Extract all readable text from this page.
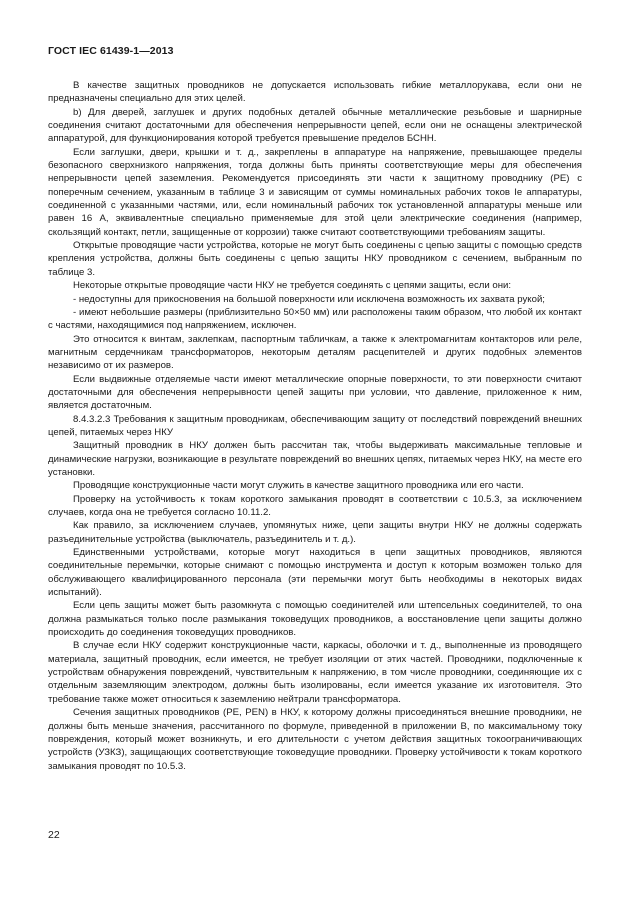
ГОСТ IEC 61439-1—2013

В качестве защитных проводников не допускается использовать гибкие металлорукава, если они не предназначены специально для этих целей.

b) Для дверей, заглушек и других подобных деталей обычные металлические резьбовые и шарнирные соединения считают достаточными для обеспечения непрерывности цепей, если они не оснащены электрической аппаратурой, для функционирования которой требуется превышение пределов БСНН.

Если заглушки, двери, крышки и т. д., закреплены в аппаратуре на напряжение, превышающее пределы безопасного сверхнизкого напряжения, тогда должны быть приняты соответствующие меры для обеспечения непрерывности цепей заземления. Рекомендуется присоединять эти части к защитному проводнику (PE) с поперечным сечением, указанным в таблице 3 и зависящим от суммы номинальных рабочих токов Ie аппаратуры, соединенной с указанными частями, или, если номинальный рабочих ток установленной аппаратуры меньше или равен 16 А, эквивалентные специально применяемые для этой цели электрические соединения (например, скользящий контакт, петли, защищенные от коррозии) также считают соответствующими требованиям защиты.

Открытые проводящие части устройства, которые не могут быть соединены с цепью защиты с помощью средств крепления устройства, должны быть соединены с цепью защиты НКУ проводником с сечением, выбранным по таблице 3.

Некоторые открытые проводящие части НКУ не требуется соединять с цепями защиты, если они:

- недоступны для прикосновения на большой поверхности или исключена возможность их захвата рукой;

- имеют небольшие размеры (приблизительно 50×50 мм) или расположены таким образом, что любой их контакт с частями, находящимися под напряжением, исключен.

Это относится к винтам, заклепкам, паспортным табличкам, а также к электромагнитам контакторов или реле, магнитным сердечникам трансформаторов, некоторым деталям расцепителей и других подобных элементов независимо от их размеров.

Если выдвижные отделяемые части имеют металлические опорные поверхности, то эти поверхности считают достаточными для обеспечения непрерывности цепей защиты при условии, что давление, приложенное к ним, является достаточным.

8.4.3.2.3 Требования к защитным проводникам, обеспечивающим защиту от последствий повреждений внешних цепей, питаемых через НКУ

Защитный проводник в НКУ должен быть рассчитан так, чтобы выдерживать максимальные тепловые и динамические нагрузки, возникающие в результате повреждений во внешних цепях, питаемых через НКУ, на месте его установки.

Проводящие конструкционные части могут служить в качестве защитного проводника или его части.

Проверку на устойчивость к токам короткого замыкания проводят в соответствии с 10.5.3, за исключением случаев, когда она не требуется согласно 10.11.2.

Как правило, за исключением случаев, упомянутых ниже, цепи защиты внутри НКУ не должны содержать разъединительные устройства (выключатель, разъединитель и т. д.).

Единственными устройствами, которые могут находиться в цепи защитных проводников, являются соединительные перемычки, которые снимают с помощью инструмента и доступ к которым возможен только для обслуживающего квалифицированного персонала (эти перемычки могут быть необходимы в некоторых видах испытаний).

Если цепь защиты может быть разомкнута с помощью соединителей или штепсельных соединителей, то она должна размыкаться только после размыкания токоведущих проводников, а восстановление цепи защиты должно происходить до соединения токоведущих проводников.

В случае если НКУ содержит конструкционные части, каркасы, оболочки и т. д., выполненные из проводящего материала, защитный проводник, если имеется, не требует изоляции от этих частей. Проводники, подключенные к устройствам обнаружения повреждений, чувствительным к напряжению, в том числе проводники, соединяющие их с отдельным заземляющим электродом, должны быть изолированы, если имеется указание их изготовителя. Это требование также может относиться к заземлению нейтрали трансформатора.

Сечения защитных проводников (PE, PEN) в НКУ, к которому должны присоединяться внешние проводники, не должны быть меньше значения, рассчитанного по формуле, приведенной в приложении В, по максимальному току повреждения, который может возникнуть, и его длительности с учетом действия защитных токоограничивающих устройств (УЗКЗ), защищающих соответствующие токоведущие проводники. Проверку устойчивости к токам короткого замыкания проводят по 10.5.3.

22
